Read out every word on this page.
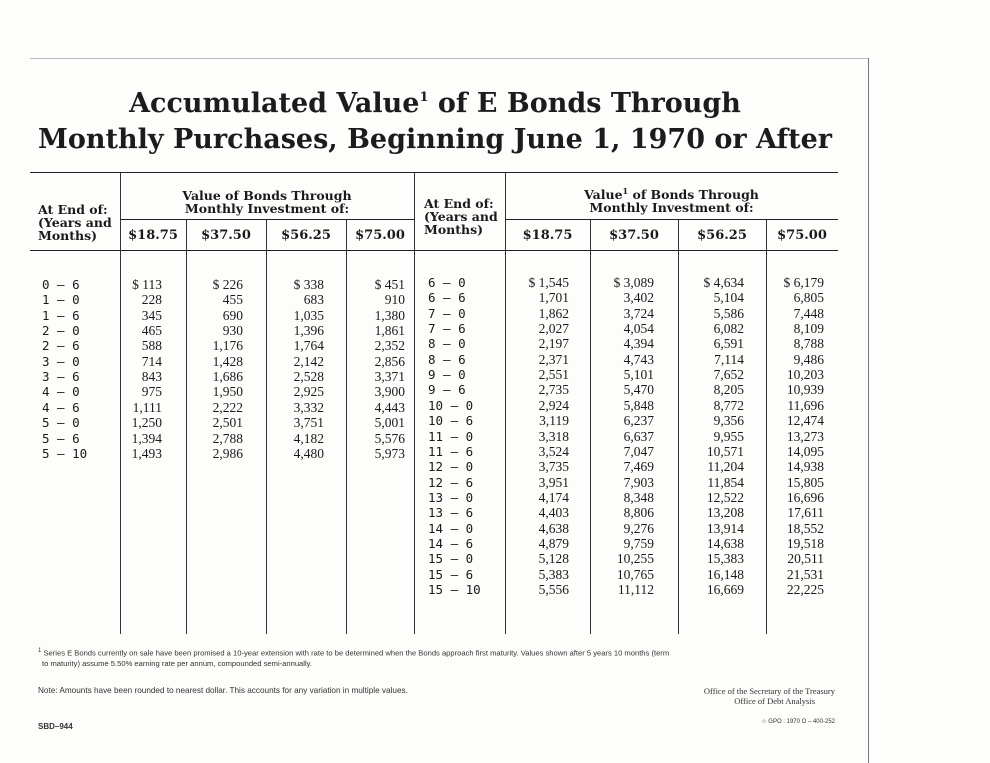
Accumulated Value$^1$ of E Bonds Through
Monthly Purchases, Beginning June 1, 1970 or After
At End of:
(Years and
Months)
Value of Bonds Through
Monthly Investment of:	At End of:
(Years and
Months)
Value$^1$ of Bonds Through
Monthly Investment of:
$18.75	$37.50	$56.25	$75.00	$18.75	$37.50	$56.25	$75.00
0 – 6	$ 113	$ 226	$ 338	$ 451
1 – 0	228	455	683	910
1 – 6	345	690	1,035	1,380
2 – 0	465	930	1,396	1,861
2 – 6	588	1,176	1,764	2,352
3 – 0	714	1,428	2,142	2,856
3 – 6	843	1,686	2,528	3,371
4 – 0	975	1,950	2,925	3,900
4 – 6	1,111	2,222	3,332	4,443
5 – 0	1,250	2,501	3,751	5,001
5 – 6	1,394	2,788	4,182	5,576
5 – 10	1,493	2,986	4,480	5,973
6 – 0	$ 1,545	$ 3,089	$ 4,634	$ 6,179
6 – 6	1,701	3,402	5,104	6,805
7 – 0	1,862	3,724	5,586	7,448
7 – 6	2,027	4,054	6,082	8,109
8 – 0	2,197	4,394	6,591	8,788
8 – 6	2,371	4,743	7,114	9,486
9 – 0	2,551	5,101	7,652	10,203
9 – 6	2,735	5,470	8,205	10,939
10 – 0	2,924	5,848	8,772	11,696
10 – 6	3,119	6,237	9,356	12,474
11 – 0	3,318	6,637	9,955	13,273
11 – 6	3,524	7,047	10,571	14,095
12 – 0	3,735	7,469	11,204	14,938
12 – 6	3,951	7,903	11,854	15,805
13 – 0	4,174	8,348	12,522	16,696
13 – 6	4,403	8,806	13,208	17,611
14 – 0	4,638	9,276	13,914	18,552
14 – 6	4,879	9,759	14,638	19,518
15 – 0	5,128	10,255	15,383	20,511
15 – 6	5,383	10,765	16,148	21,531
15 – 10	5,556	11,112	16,669	22,225
$^1$ Series E Bonds currently on sale have been promised a 10-year extension with rate to be determined when the Bonds approach first maturity. Values shown after 5 years 10 months (term
to maturity) assume 5.50% earning rate per annum, compounded semi-annually.
Note: Amounts have been rounded to nearest dollar. This accounts for any variation in multiple values.	Office of the Secretary of the Treasury
Office of Debt Analysis
SBD–944	☆ GPO : 1970 O – 400-252
